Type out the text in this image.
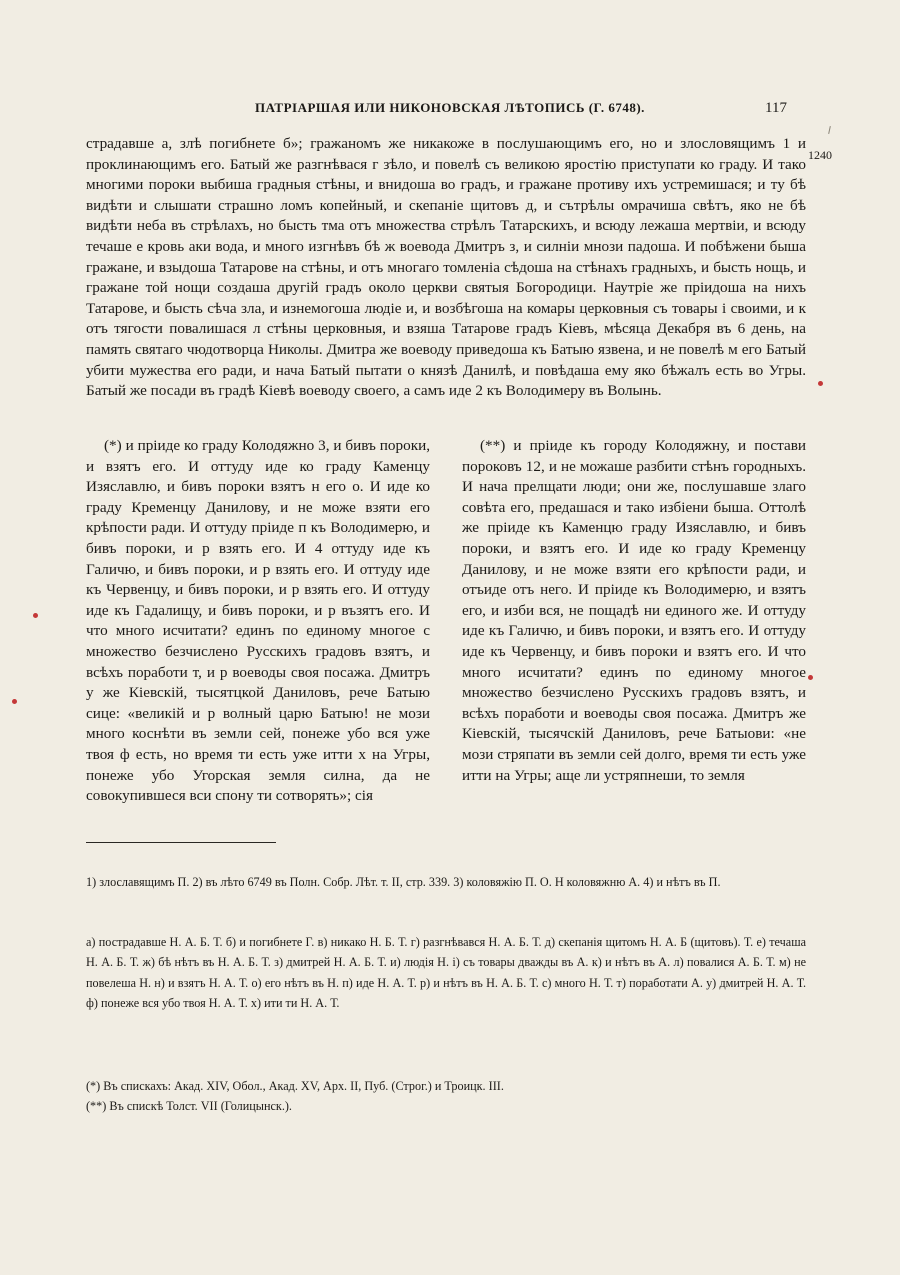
ПАТРІАРШАЯ ИЛИ НИКОНОВСКАЯ ЛѢТОПИСЬ (Г. 6748).	117
1240

страдавше а, злѣ погибнете б»; гражаномъ же никакоже в послушающимъ его, но и злословящимъ 1 и проклинающимъ его. Батый же разгнѣвася г зѣло, и повелѣ съ великою яростію приступати ко граду. И тако многими пороки выбиша градныя стѣны, и внидоша во градъ, и гражане противу ихъ устремишася; и ту бѣ видѣти и слышати страшно ломъ копейный, и скепаніе щитовъ д, и сътрѣлы омрачиша свѣтъ, яко не бѣ видѣти неба въ стрѣлахъ, но бысть тма отъ множества стрѣлъ Татарскихъ, и всюду лежаша мертвіи, и всюду течаше е кровь аки вода, и много изгнѣвъ бѣ ж воевода Дмитръ з, и силніи мнози падоша. И побѣжени быша гражане, и взыдоша Татарове на стѣны, и отъ многаго томленіа сѣдоша на стѣнахъ градныхъ, и бысть нощь, и гражане той нощи создаша другій градъ около церкви святыя Богородици. Наутріе же пріидоша на нихъ Татарове, и бысть сѣча зла, и изнемогоша людіе и, и возбѣгоша на комары церковныя съ товары і своими, и к отъ тягости повалишася л стѣны церковныя, и взяша Татарове градъ Кіевъ, мѣсяца Декабря въ 6 день, на память святаго чюдотворца Николы. Дмитра же воеводу приведоша къ Батыю язвена, и не повелѣ м его Батый убити мужества его ради, и нача Батый пытати о князѣ Данилѣ, и повѣдаша ему яко бѣжалъ есть во Угры. Батый же посади въ градѣ Кіевѣ воеводу своего, а самъ иде 2 къ Володимеру въ Волынь.

(*) и пріиде ко граду Колодяжно 3, и бивъ пороки, и взятъ его. И оттуду иде ко граду Каменцу Изяславлю, и бивъ пороки взятъ н его о. И иде ко граду Кременцу Данилову, и не може взяти его крѣпости ради. И оттуду пріиде п къ Володимерю, и бивъ пороки, и р взять его. И 4 оттуду иде къ Галичю, и бивъ пороки, и р взять его. И оттуду иде къ Червенцу, и бивъ пороки, и р взять его. И оттуду иде къ Гадалищу, и бивъ пороки, и р възятъ его. И что много исчитати? единъ по единому многое с множество безчислено Русскихъ градовъ взятъ, и всѣхъ поработи т, и р воеводы своя посажа. Дмитръ у же Кіевскій, тысятцкой Даниловъ, рече Батыю сице: «великій и р волный царю Батыю! не мози много коснѣти въ земли сей, понеже убо вся уже твоя ф есть, но время ти есть уже итти х на Угры, понеже убо Угорская земля силна, да не совокупившеся вси спону ти сотворять»; сія

(**) и пріиде къ городу Колодяжну, и постави пороковъ 12, и не можаше разбити стѣнъ городныхъ. И нача прелщати люди; они же, послушавше злаго совѣта его, предашася и тако избіени быша. Оттолѣ же пріиде къ Каменцю граду Изяславлю, и бивъ пороки, и взятъ его. И иде ко граду Кременцу Данилову, и не може взяти его крѣпости ради, и отъиде отъ него. И пріиде къ Володимерю, и взятъ его, и изби вся, не пощадѣ ни единого же. И оттуду иде къ Галичю, и бивъ пороки, и взятъ его. И оттуду иде къ Червенцу, и бивъ пороки и взятъ его. И что много исчитати? единъ по единому многое множество безчислено Русскихъ градовъ взятъ, и всѣхъ поработи и воеводы своя посажа. Дмитръ же Кіевскій, тысячскій Даниловъ, рече Батыови: «не мози стряпати въ земли сей долго, время ти есть уже итти на Угры; аще ли устряпнеши, то земля

1) злославящимъ П. 2) въ лѣто 6749 въ Полн. Собр. Лѣт. т. II, стр. 339. 3) коловяжію П. О. Н коловяжню А. 4) и нѣтъ въ П.

а) пострадавше Н. А. Б. Т. б) и погибнете Г. в) никако Н. Б. Т. г) разгнѣвався Н. А. Б. Т. д) скепанія щитомъ Н. А. Б (щитовъ). Т. е) течаша Н. А. Б. Т. ж) бѣ нѣтъ въ Н. А. Б. Т. з) дмитрей Н. А. Б. Т. и) людія Н. і) съ товары дважды въ А. к) и нѣтъ въ А. л) повалися А. Б. Т. м) не повелеша Н. н) и взятъ Н. А. Т. о) его нѣтъ въ Н. п) иде Н. А. Т. р) и нѣтъ въ Н. А. Б. Т. с) много Н. Т. т) поработати А. у) дмитрей Н. А. Т. ф) понеже вся убо твоя Н. А. Т. х) ити ти Н. А. Т.

(*) Въ спискахъ: Акад. XIV, Обол., Акад. XV, Арх. II, Пуб. (Строг.) и Троицк. III.

(**) Въ спискѣ Толст. VII (Голицынск.).
